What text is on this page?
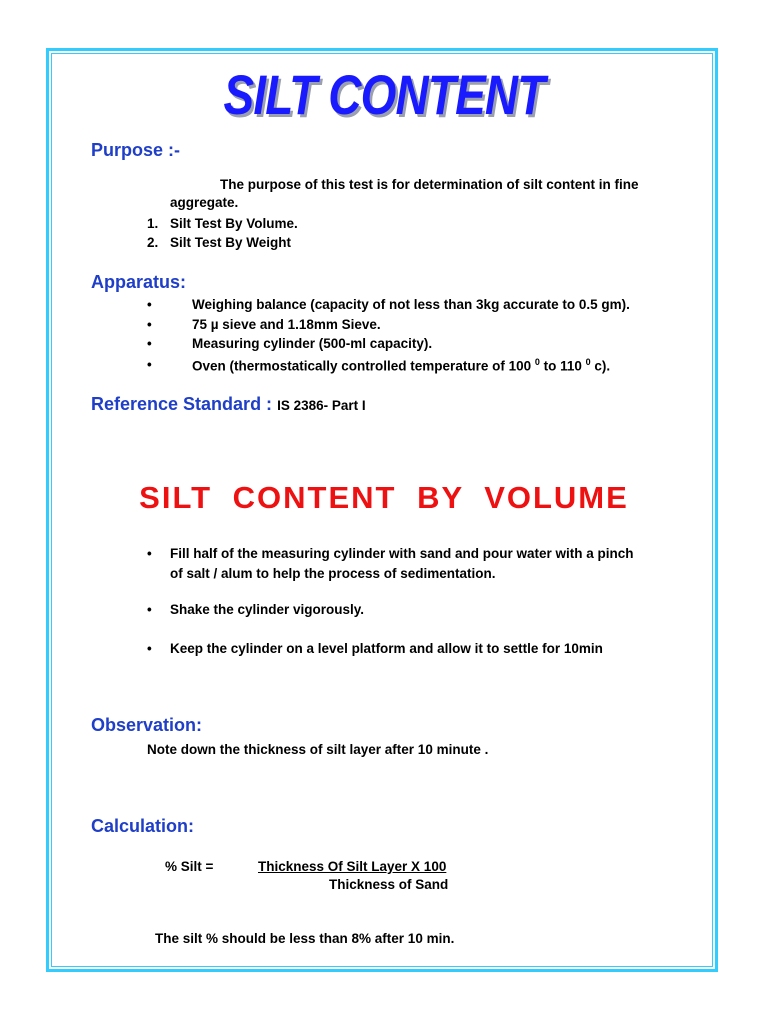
SILT CONTENT
Purpose :-
The purpose of this test is for determination of silt content in fine
aggregate.
1. Silt Test By Volume.
2. Silt Test By Weight
Apparatus:
•	Weighing balance (capacity of not less than 3kg accurate to 0.5 gm).
•	75 µ sieve and 1.18mm Sieve.
•	Measuring cylinder (500-ml capacity).
•	Oven (thermostatically controlled temperature of 100 $^0$ to 110 $^0$ c).
Reference Standard : IS 2386- Part I
SILT CONTENT BY VOLUME
• Fill half of the measuring cylinder with sand and pour water with a pinch
of salt / alum to help the process of sedimentation.
• Shake the cylinder vigorously.
• Keep the cylinder on a level platform and allow it to settle for 10min
Observation:
Note down the thickness of silt layer after 10 minute .
Calculation:
% Silt =	Thickness Of Silt Layer X 100
Thickness of Sand
The silt % should be less than 8% after 10 min.
